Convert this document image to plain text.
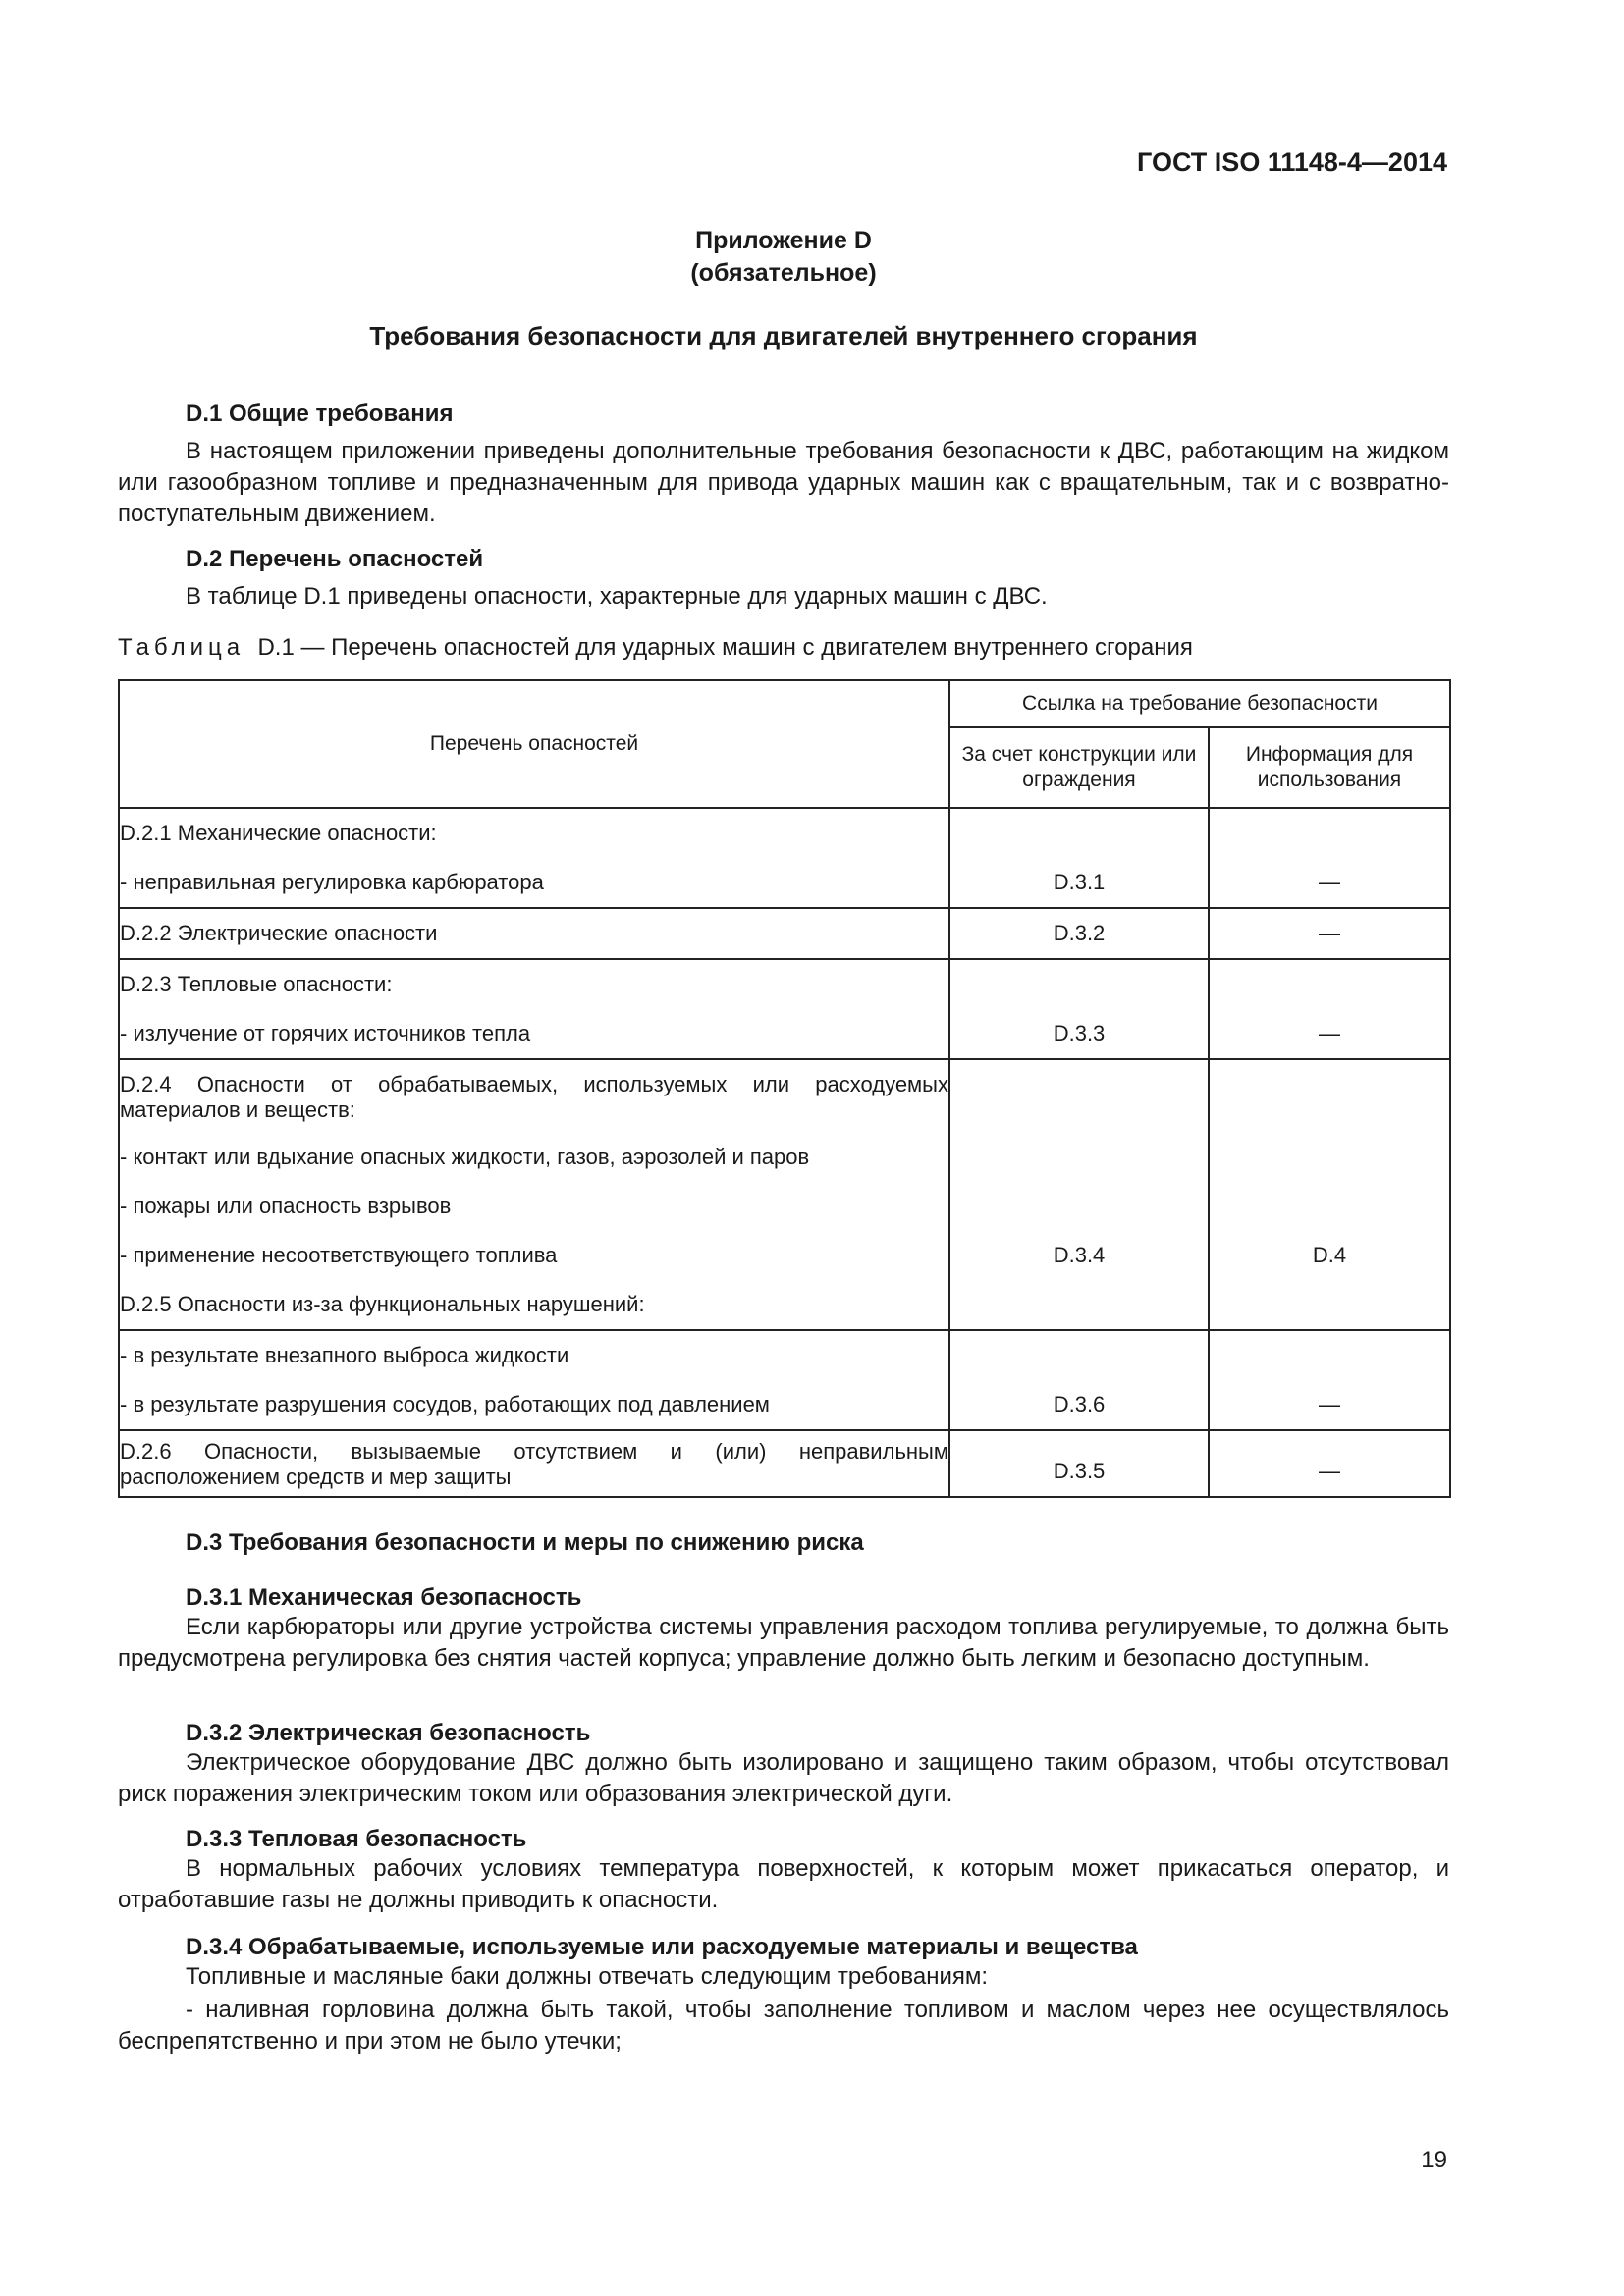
ГОСТ ISO 11148-4—2014
Приложение D
(обязательное)
Требования безопасности для двигателей внутреннего сгорания
D.1 Общие требования
В настоящем приложении приведены дополнительные требования безопасности к ДВС, работающим на жидком или газообразном топливе и предназначенным для привода ударных машин как с вращательным, так и с возвратно-поступательным движением.
D.2 Перечень опасностей
В таблице D.1 приведены опасности, характерные для ударных машин с ДВС.
Таблица D.1 — Перечень опасностей для ударных машин с двигателем внутреннего сгорания
Перечень опасностей	Ссылка на требование безопасности	
	За счет конструкции или ограждения	Информация для использования

D.2.1 Механические опасности:
- неправильная регулировка карбюратора	D.3.1	—

D.2.2 Электрические опасности	D.3.2	—

D.2.3 Тепловые опасности:
- излучение от горячих источников тепла	D.3.3	—

D.2.4 Опасности от обрабатываемых, используемых или расходуемых материалов и веществ:
- контакт или вдыхание опасных жидкости, газов, аэрозолей и паров
- пожары или опасность взрывов
- применение несоответствующего топлива
D.2.5 Опасности из-за функциональных нарушений:	D.3.4	D.4

- в результате внезапного выброса жидкости
- в результате разрушения сосудов, работающих под давлением	D.3.6	—

D.2.6 Опасности, вызываемые отсутствием и (или) неправильным расположением средств и мер защиты	D.3.5	—
D.3 Требования безопасности и меры по снижению риска
D.3.1 Механическая безопасность
Если карбюраторы или другие устройства системы управления расходом топлива регулируемые, то должна быть предусмотрена регулировка без снятия частей корпуса; управление должно быть легким и безопасно доступным.
D.3.2 Электрическая безопасность
Электрическое оборудование ДВС должно быть изолировано и защищено таким образом, чтобы отсутствовал риск поражения электрическим током или образования электрической дуги.
D.3.3 Тепловая безопасность
В нормальных рабочих условиях температура поверхностей, к которым может прикасаться оператор, и отработавшие газы не должны приводить к опасности.
D.3.4 Обрабатываемые, используемые или расходуемые материалы и вещества
Топливные и масляные баки должны отвечать следующим требованиям:
- наливная горловина должна быть такой, чтобы заполнение топливом и маслом через нее осуществлялось беспрепятственно и при этом не было утечки;
19
